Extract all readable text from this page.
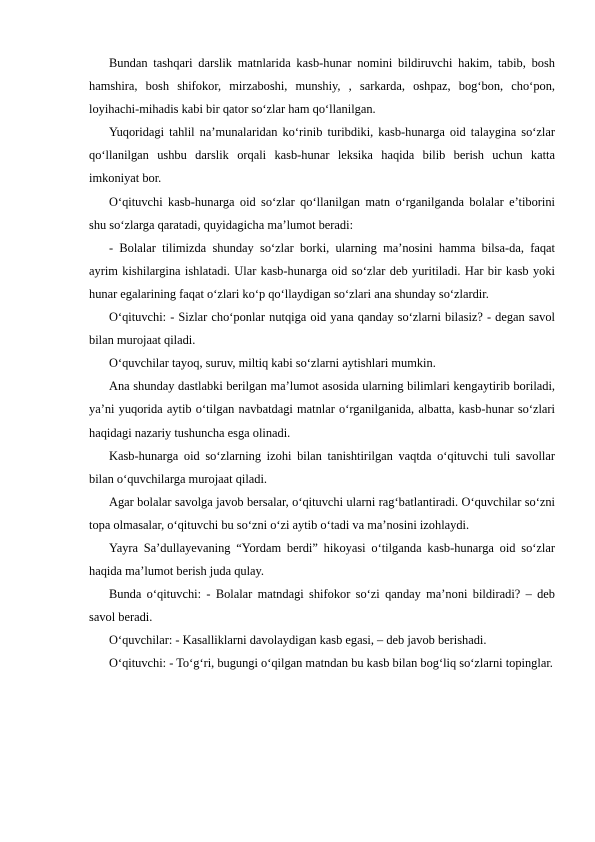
Bundan tashqari darslik matnlarida kasb-hunar nomini bildiruvchi hakim, tabib, bosh hamshira, bosh shifokor, mirzaboshi, munshiy, , sarkarda, oshpaz, bog‘bon, cho‘pon, loyihachi-mihadis kabi bir qator so‘zlar ham qo‘llanilgan.

Yuqoridagi tahlil na’munalaridan ko‘rinib turibdiki, kasb-hunarga oid talaygina so‘zlar qo‘llanilgan ushbu darslik orqali kasb-hunar leksika haqida bilib berish uchun katta imkoniyat bor.

O‘qituvchi kasb-hunarga oid so‘zlar qo‘llanilgan matn o‘rganilganda bolalar e’tiborini shu so‘zlarga qaratadi, quyidagicha ma’lumot beradi:

- Bolalar tilimizda shunday so‘zlar borki, ularning ma’nosini hamma bilsa-da, faqat ayrim kishilargina ishlatadi. Ular kasb-hunarga oid so‘zlar deb yuritiladi. Har bir kasb yoki hunar egalarining faqat o‘zlari ko‘p qo‘llaydigan so‘zlari ana shunday so‘zlardir.

O‘qituvchi: - Sizlar cho‘ponlar nutqiga oid yana qanday so‘zlarni bilasiz? - degan savol bilan murojaat qiladi.

O‘quvchilar tayoq, suruv, miltiq kabi so‘zlarni aytishlari mumkin.

Ana shunday dastlabki berilgan ma’lumot asosida ularning bilimlari kengaytirib boriladi, ya’ni yuqorida aytib o‘tilgan navbatdagi matnlar o‘rganilganida, albatta, kasb-hunar so‘zlari haqidagi nazariy tushuncha esga olinadi.

Kasb-hunarga oid so‘zlarning izohi bilan tanishtirilgan vaqtda o‘qituvchi tuli savollar bilan o‘quvchilarga murojaat qiladi.

Agar bolalar savolga javob bersalar, o‘qituvchi ularni rag‘batlantiradi. O‘quvchilar so‘zni topa olmasalar, o‘qituvchi bu so‘zni o‘zi aytib o‘tadi va ma’nosini izohlaydi.

Yayra Sa’dullayevaning “Yordam berdi” hikoyasi o‘tilganda kasb-hunarga oid so‘zlar haqida ma’lumot berish juda qulay.

Bunda o‘qituvchi: - Bolalar matndagi shifokor so‘zi qanday ma’noni bildiradi? – deb savol beradi.

O‘quvchilar: - Kasalliklarni davolaydigan kasb egasi, – deb javob berishadi.

O‘qituvchi: - To‘g‘ri, bugungi o‘qilgan matndan bu kasb bilan bog‘liq so‘zlarni topinglar.
